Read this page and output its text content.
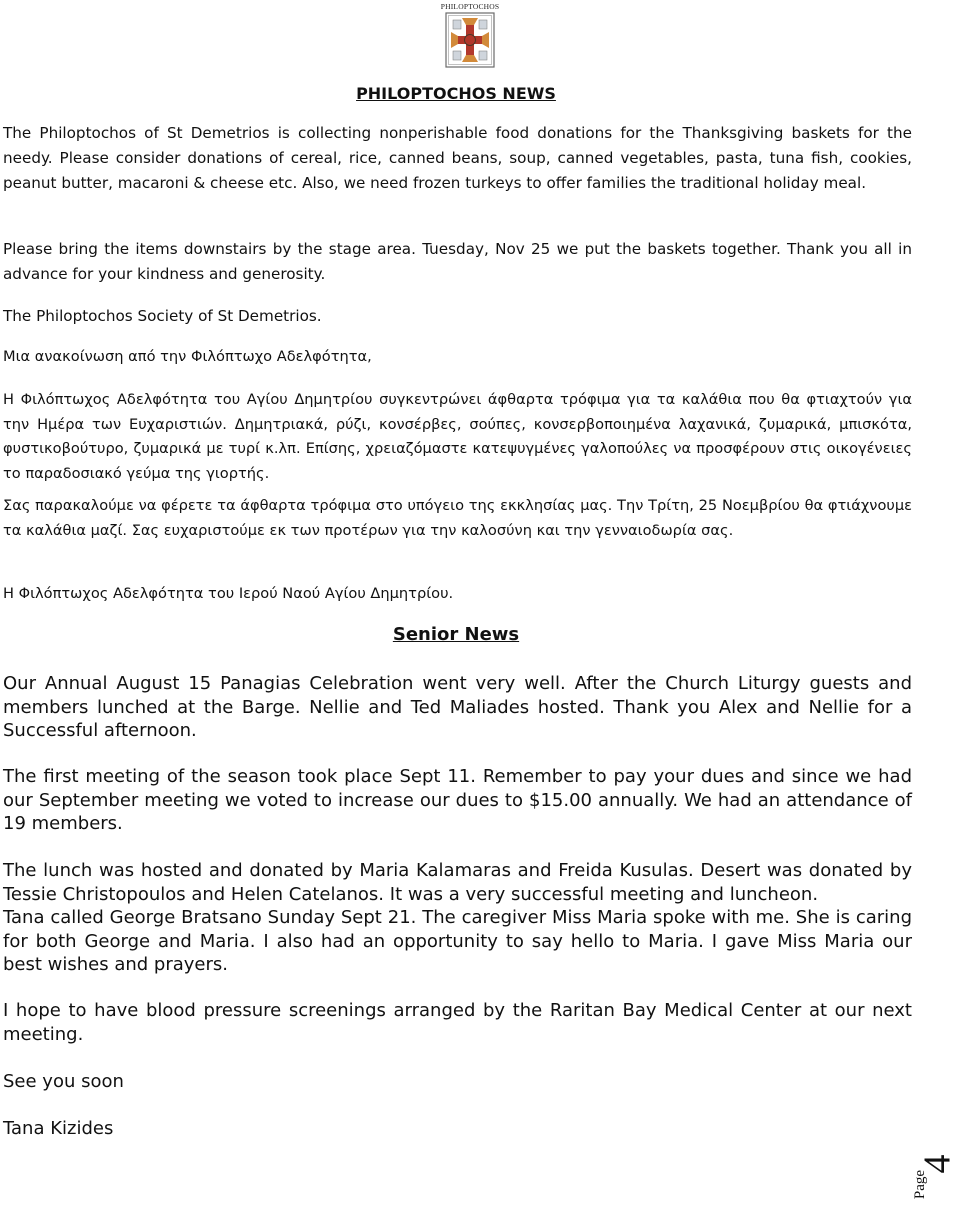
PHILOPTOCHOS
PHILOPTOCHOS NEWS

The Philoptochos of St Demetrios is collecting nonperishable food donations for the Thanksgiving baskets for the needy. Please consider donations of cereal, rice, canned beans, soup, canned vegetables, pasta, tuna fish, cookies, peanut butter, macaroni & cheese etc. Also, we need frozen turkeys to offer families the traditional holiday meal.

Please bring the items downstairs by the stage area. Tuesday, Nov 25 we put the baskets together. Thank you all in advance for your kindness and generosity.

The Philoptochos Society of St Demetrios.

Μια ανακοίνωση από την Φιλόπτωχο Αδελφότητα,

Η Φιλόπτωχος Αδελφότητα του Αγίου Δημητρίου συγκεντρώνει άφθαρτα τρόφιμα για τα καλάθια που θα φτιαχτούν για την Ημέρα των Ευχαριστιών. Δημητριακά, ρύζι, κονσέρβες, σούπες, κονσερβοποιημένα λαχανικά, ζυμαρικά, μπισκότα, φυστικοβούτυρο, ζυμαρικά με τυρί κ.λπ. Επίσης, χρειαζόμαστε κατεψυγμένες γαλοπούλες να προσφέρουν στις οικογένειες το παραδοσιακό γεύμα της γιορτής.

Σας παρακαλούμε να φέρετε τα άφθαρτα τρόφιμα στο υπόγειο της εκκλησίας μας. Την Τρίτη, 25 Νοεμβρίου θα φτιάχνουμε τα καλάθια μαζί. Σας ευχαριστούμε εκ των προτέρων για την καλοσύνη και την γενναιοδωρία σας.

Η Φιλόπτωχος Αδελφότητα του Ιερού Ναού Αγίου Δημητρίου.

Senior News

Our Annual August 15 Panagias Celebration went very well. After the Church Liturgy guests and members lunched at the Barge. Nellie and Ted Maliades hosted. Thank you Alex and Nellie for a Successful afternoon.

The first meeting of the season took place Sept 11. Remember to pay your dues and since we had our September meeting we voted to increase our dues to $15.00 annually. We had an attendance of 19 members.

The lunch was hosted and donated by Maria Kalamaras and Freida Kusulas. Desert was donated by Tessie Christopoulos and Helen Catelanos. It was a very successful meeting and luncheon.

Tana called George Bratsano Sunday Sept 21. The caregiver Miss Maria spoke with me. She is caring for both George and Maria. I also had an opportunity to say hello to Maria. I gave Miss Maria our best wishes and prayers.

I hope to have blood pressure screenings arranged by the Raritan Bay Medical Center at our next meeting.

See you soon

Tana Kizides

Page
4
